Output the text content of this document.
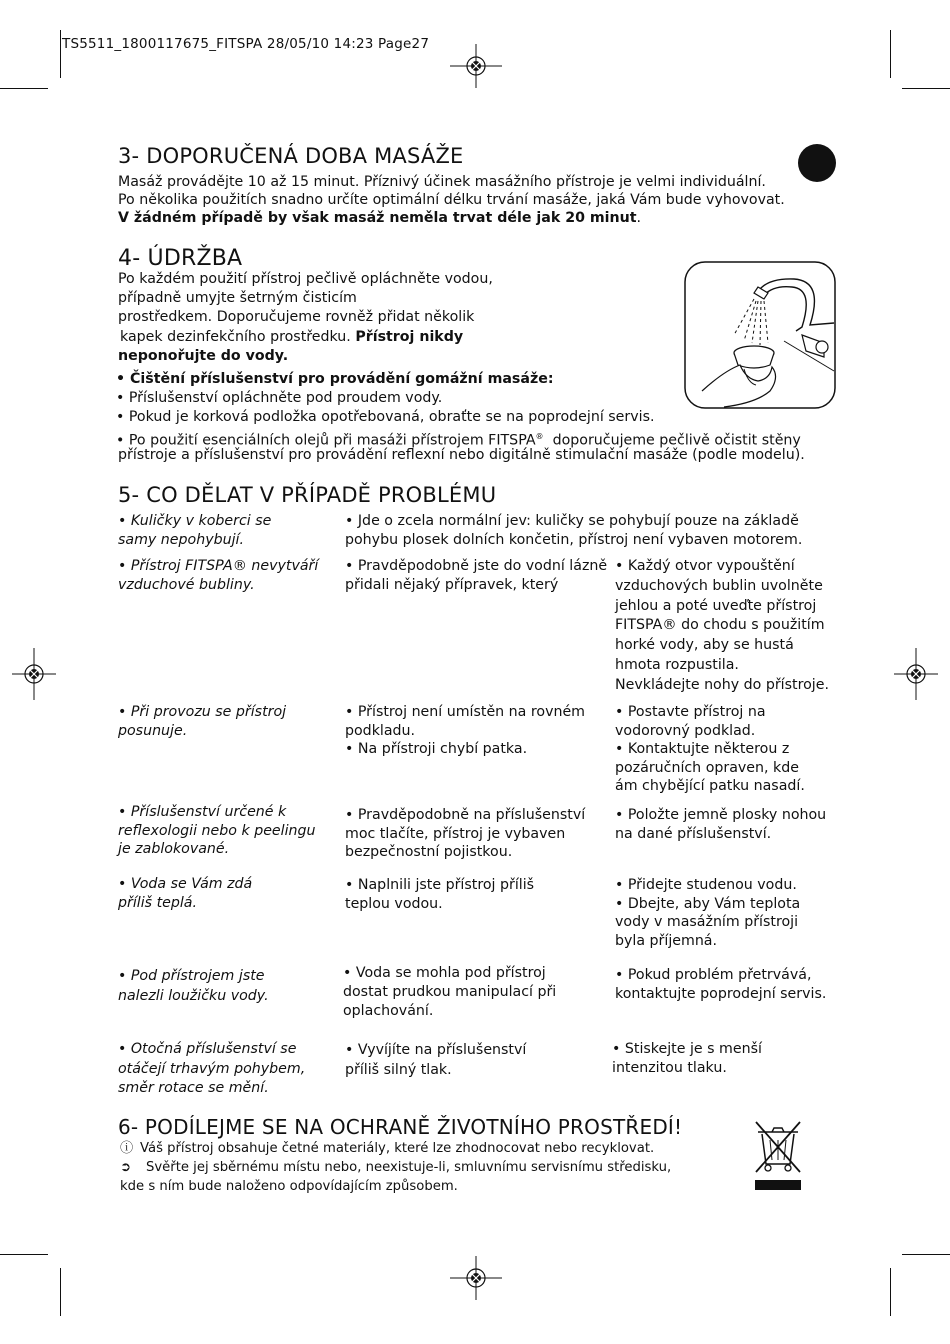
TS5511_1800117675_FITSPA 28/05/10 14:23 Page27
3- DOPORUČENÁ DOBA MASÁŽE
Masáž provádějte 10 až 15 minut. Příznivý účinek masážního přístroje je velmi individuální.
Po několika použitích snadno určíte optimální délku trvání masáže, jaká Vám bude vyhovovat.
V žádném případě by však masáž neměla trvat déle jak 20 minut.
4- ÚDRŽBA
Po každém použití přístroj pečlivě opláchněte vodou,
případně umyjte šetrným čisticím
prostředkem. Doporučujeme rovněž přidat několik
kapek dezinfekčního prostředku. Přístroj nikdy
neponořujte do vody.
• Čištění příslušenství pro provádění gomážní masáže:
• Příslušenství opláchněte pod proudem vody.
• Pokud je korková podložka opotřebovaná, obraťte se na poprodejní servis.
• Po použití esenciálních olejů při masáži přístrojem FITSPA® doporučujeme pečlivě očistit stěny
přístroje a příslušenství pro provádění reflexní nebo digitálně stimulační masáže (podle modelu).
5- CO DĚLAT V PŘÍPADĚ PROBLÉMU
• Kuličky v koberci se
samy nepohybují.
• Jde o zcela normální jev: kuličky se pohybují pouze na základě
pohybu plosek dolních končetin, přístroj není vybaven motorem.
• Přístroj FITSPA® nevytváří
vzduchové bubliny.
• Pravděpodobně jste do vodní lázně
přidali nějaký přípravek, který
• Každý otvor vypouštění
vzduchových bublin uvolněte
jehlou a poté uveďte přístroj
FITSPA® do chodu s použitím
horké vody, aby se hustá
hmota rozpustila.
Nevkládejte nohy do přístroje.
• Při provozu se přístroj
posunuje.
• Přístroj není umístěn na rovném
podkladu.
• Na přístroji chybí patka.
• Postavte přístroj na
vodorovný podklad.
• Kontaktujte některou z
pozáručních opraven, kde
ám chybějící patku nasadí.
• Příslušenství určené k
reflexologii nebo k peelingu
je zablokované.
• Pravděpodobně na příslušenství
moc tlačíte, přístroj je vybaven
bezpečnostní pojistkou.
• Položte jemně plosky nohou
na dané příslušenství.
• Voda se Vám zdá
příliš teplá.
• Naplnili jste přístroj příliš
teplou vodou.
• Přidejte studenou vodu.
• Dbejte, aby Vám teplota
vody v masážním přístroji
byla příjemná.
• Pod přístrojem jste
nalezli loužičku vody.
• Voda se mohla pod přístroj
dostat prudkou manipulací při
oplachování.
• Pokud problém přetrvává,
kontaktujte poprodejní servis.
• Otočná příslušenství se
otáčejí trhavým pohybem,
směr rotace se mění.
• Vyvíjíte na příslušenství
příliš silný tlak.
• Stiskejte je s menší
intenzitou tlaku.
6- PODÍLEJME SE NA OCHRANĚ ŽIVOTNÍHO PROSTŘEDÍ!
ⓘ Váš přístroj obsahuje četné materiály, které lze zhodnocovat nebo recyklovat.
➲ Svěřte jej sběrnému místu nebo, neexistuje-li, smluvnímu servisnímu středisku,
kde s ním bude naloženo odpovídajícím způsobem.
